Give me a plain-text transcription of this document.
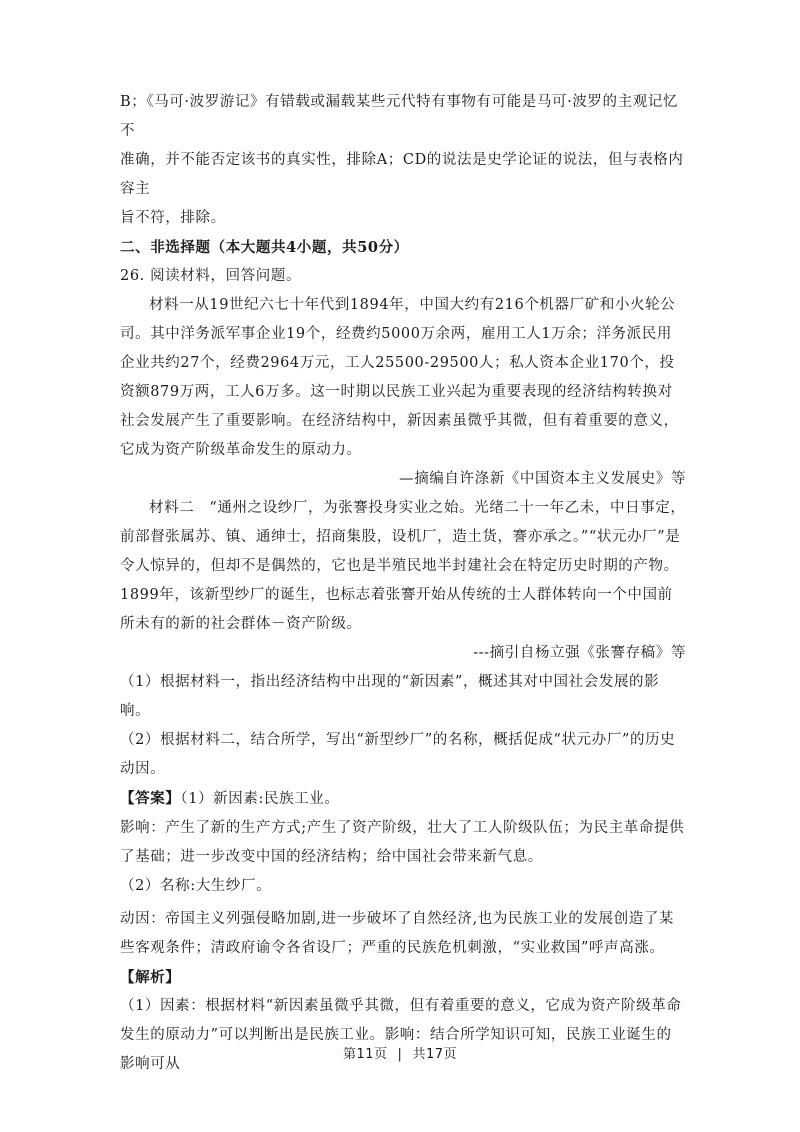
B；《马可·波罗游记》有错载或漏载某些元代特有事物有可能是马可·波罗的主观记忆不

准确，并不能否定该书的真实性，排除A；CD的说法是史学论证的说法，但与表格内容主

旨不符，排除。

二、非选择题（本大题共4小题，共50分）

26. 阅读材料，回答问题。

材料一从19世纪六七十年代到1894年，中国大约有216个机器厂矿和小火轮公司。其中洋务派军事企业19个，经费约5000万余两，雇用工人1万余；洋务派民用企业共约27个，经费2964万元，工人25500-29500人；私人资本企业170个，投资额879万两，工人6万多。这一时期以民族工业兴起为重要表现的经济结构转换对社会发展产生了重要影响。在经济结构中，新因素虽微乎其微，但有着重要的意义，它成为资产阶级革命发生的原动力。

—摘编自许涤新《中国资本主义发展史》等

材料二　“通州之设纱厂，为张謇投身实业之始。光绪二十一年乙未，中日事定，前部督张属苏、镇、通绅士，招商集股，设机厂，造土货，謇亦承之。”“状元办厂”是令人惊异的，但却不是偶然的，它也是半殖民地半封建社会在特定历史时期的产物。1899年，该新型纱厂的诞生，也标志着张謇开始从传统的士人群体转向一个中国前所未有的新的社会群体－资产阶级。

---摘引自杨立强《张謇存稿》等

（1）根据材料一，指出经济结构中出现的“新因素”，概述其对中国社会发展的影响。

（2）根据材料二，结合所学，写出“新型纱厂”的名称，概括促成“状元办厂”的历史动因。

【答案】（1）新因素:民族工业。

影响：产生了新的生产方式;产生了资产阶级，壮大了工人阶级队伍；为民主革命提供了基础；进一步改变中国的经济结构；给中国社会带来新气息。

（2）名称:大生纱厂。

动因：帝国主义列强侵略加剧,进一步破坏了自然经济,也为民族工业的发展创造了某些客观条件；清政府谕令各省设厂；严重的民族危机刺激，“实业救国”呼声高涨。

【解析】

（1）因素：根据材料“新因素虽微乎其微，但有着重要的意义，它成为资产阶级革命发生的原动力”可以判断出是民族工业。影响：结合所学知识可知，民族工业诞生的影响可从

第11页 | 共17页
